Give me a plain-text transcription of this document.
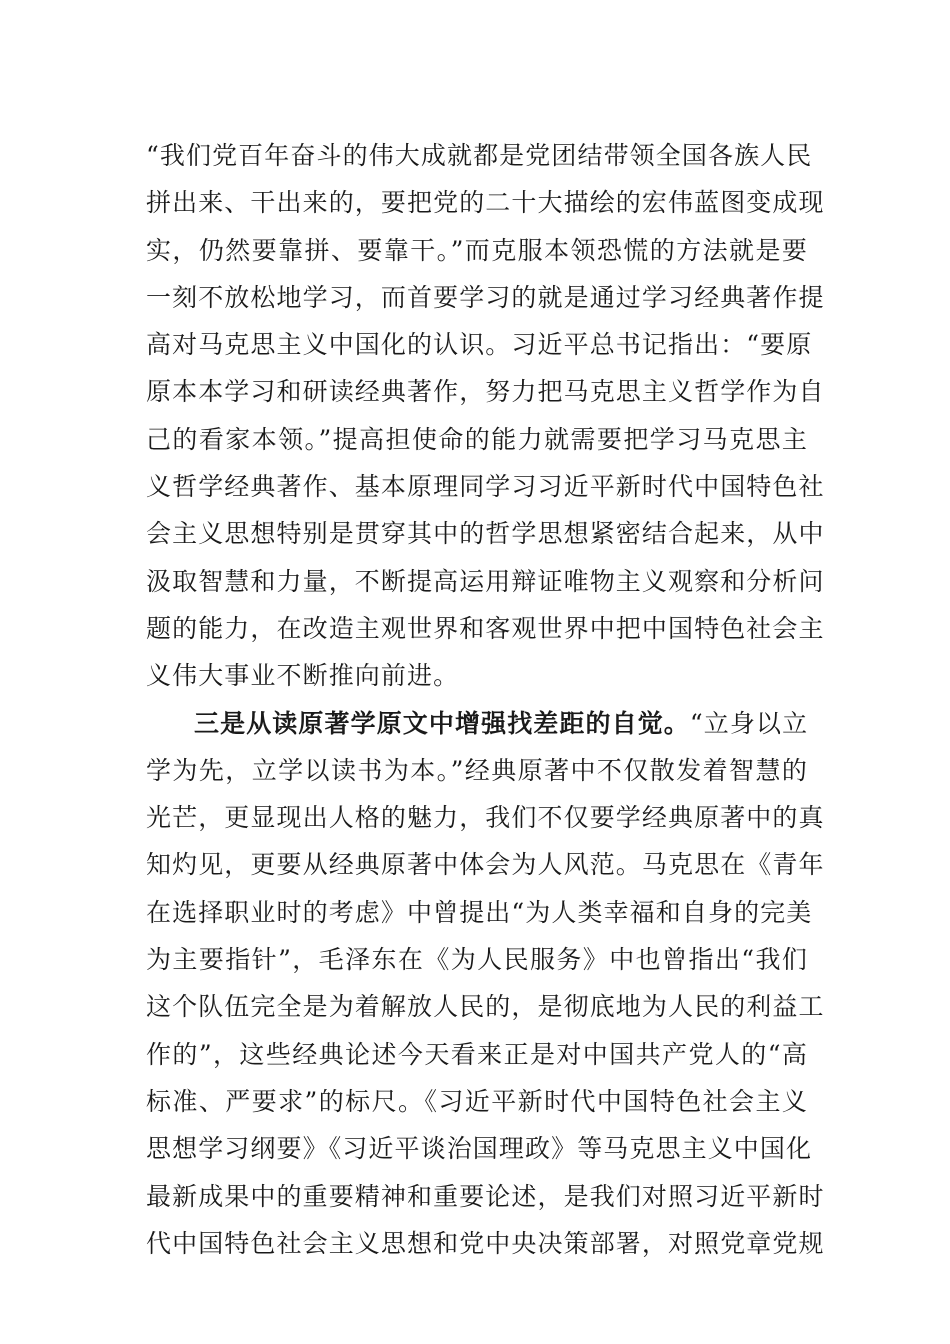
“我们党百年奋斗的伟大成就都是党团结带领全国各族人民
拼出来、干出来的，要把党的二十大描绘的宏伟蓝图变成现
实，仍然要靠拼、要靠干。”而克服本领恐慌的方法就是要
一刻不放松地学习，而首要学习的就是通过学习经典著作提
高对马克思主义中国化的认识。习近平总书记指出：“要原
原本本学习和研读经典著作，努力把马克思主义哲学作为自
己的看家本领。”提高担使命的能力就需要把学习马克思主
义哲学经典著作、基本原理同学习习近平新时代中国特色社
会主义思想特别是贯穿其中的哲学思想紧密结合起来，从中
汲取智慧和力量，不断提高运用辩证唯物主义观察和分析问
题的能力，在改造主观世界和客观世界中把中国特色社会主
义伟大事业不断推向前进。
三是从读原著学原文中增强找差距的自觉。“立身以立
学为先，立学以读书为本。”经典原著中不仅散发着智慧的
光芒，更显现出人格的魅力，我们不仅要学经典原著中的真
知灼见，更要从经典原著中体会为人风范。马克思在《青年
在选择职业时的考虑》中曾提出“为人类幸福和自身的完美
为主要指针”，毛泽东在《为人民服务》中也曾指出“我们
这个队伍完全是为着解放人民的，是彻底地为人民的利益工
作的”，这些经典论述今天看来正是对中国共产党人的“高
标准、严要求”的标尺。《习近平新时代中国特色社会主义
思想学习纲要》《习近平谈治国理政》等马克思主义中国化
最新成果中的重要精神和重要论述，是我们对照习近平新时
代中国特色社会主义思想和党中央决策部署，对照党章党规
